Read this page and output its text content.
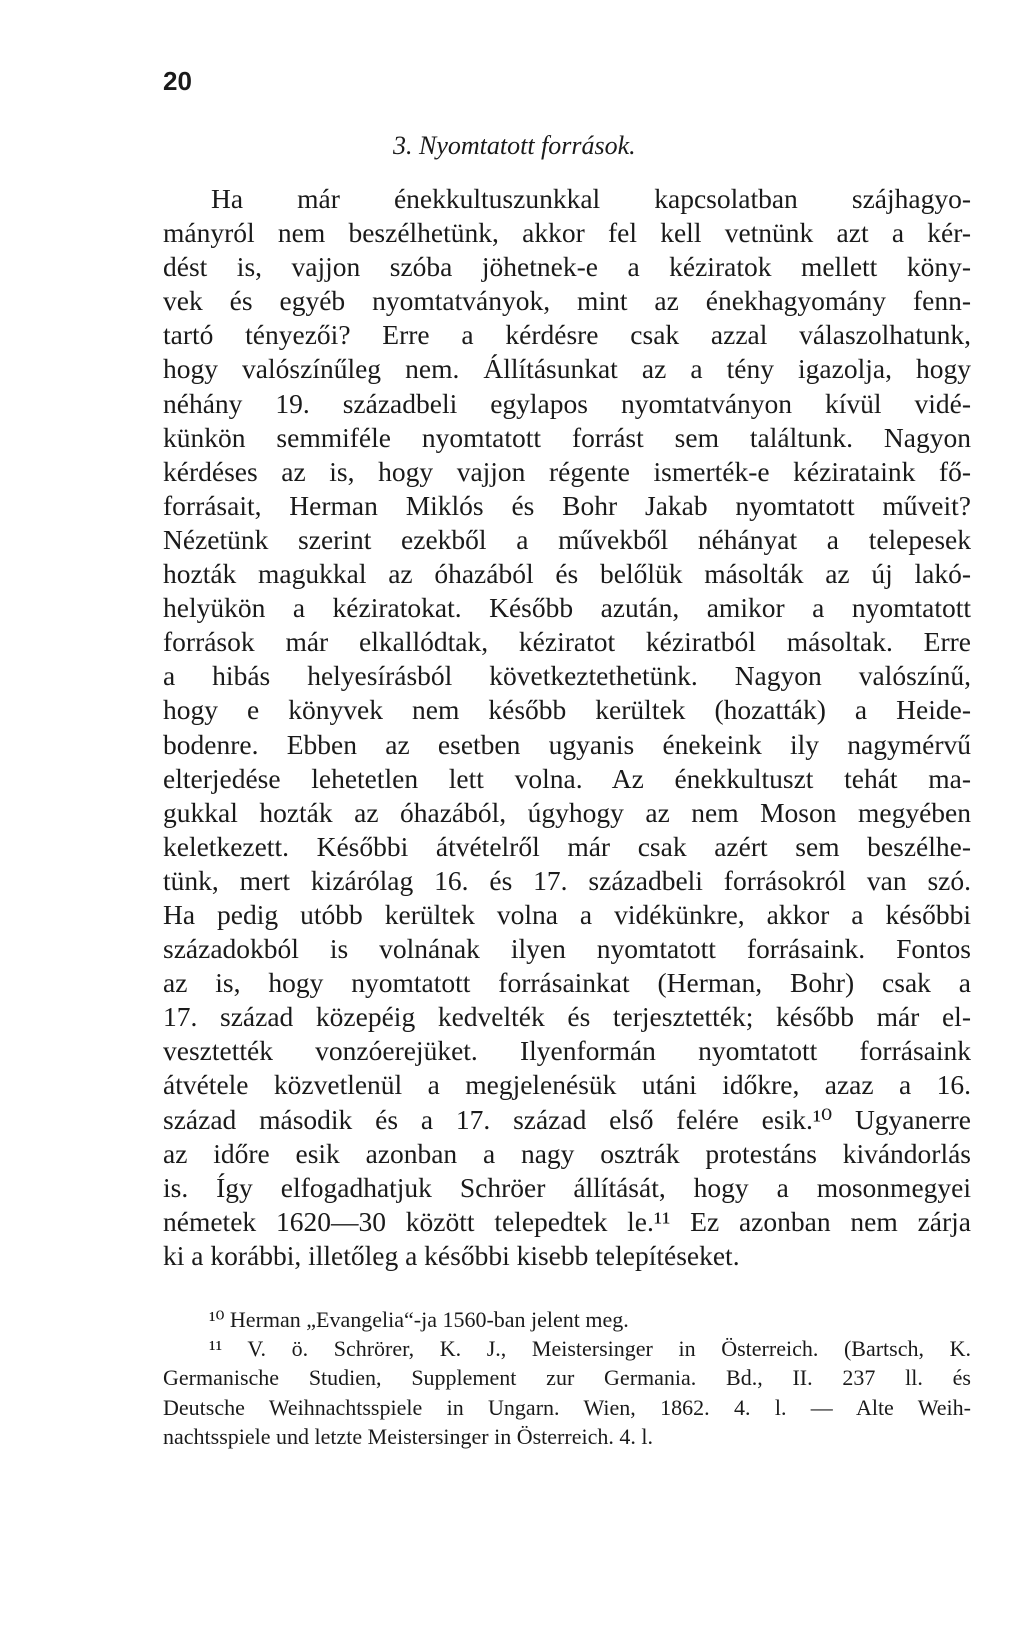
20
3. Nyomtatott források.
Ha már énekkultuszunkkal kapcsolatban szájhagyo-
mányról nem beszélhetünk, akkor fel kell vetnünk azt a kér-
dést is, vajjon szóba jöhetnek-e a kéziratok mellett köny-
vek és egyéb nyomtatványok, mint az énekhagyomány fenn-
tartó tényezői? Erre a kérdésre csak azzal válaszolhatunk,
hogy valószínűleg nem. Állításunkat az a tény igazolja, hogy
néhány 19. századbeli egylapos nyomtatványon kívül vidé-
künkön semmiféle nyomtatott forrást sem találtunk. Nagyon
kérdéses az is, hogy vajjon régente ismerték-e kézirataink fő-
forrásait, Herman Miklós és Bohr Jakab nyomtatott műveit?
Nézetünk szerint ezekből a művekből néhányat a telepesek
hozták magukkal az óhazából és belőlük másolták az új lakó-
helyükön a kéziratokat. Később azután, amikor a nyomtatott
források már elkallódtak, kéziratot kéziratból másoltak. Erre
a hibás helyesírásból következtethetünk. Nagyon valószínű,
hogy e könyvek nem később kerültek (hozatták) a Heide-
bodenre. Ebben az esetben ugyanis énekeink ily nagymérvű
elterjedése lehetetlen lett volna. Az énekkultuszt tehát ma-
gukkal hozták az óhazából, úgyhogy az nem Moson megyében
keletkezett. Későbbi átvételről már csak azért sem beszélhe-
tünk, mert kizárólag 16. és 17. századbeli forrásokról van szó.
Ha pedig utóbb kerültek volna a vidékünkre, akkor a későbbi
századokból is volnának ilyen nyomtatott forrásaink. Fontos
az is, hogy nyomtatott forrásainkat (Herman, Bohr) csak a
17. század közepéig kedvelték és terjesztették; később már el-
vesztették vonzóerejüket. Ilyenformán nyomtatott forrásaink
átvétele közvetlenül a megjelenésük utáni időkre, azaz a 16.
század második és a 17. század első felére esik.¹⁰ Ugyanerre
az időre esik azonban a nagy osztrák protestáns kivándorlás
is. Így elfogadhatjuk Schröer állítását, hogy a mosonmegyei
németek 1620—30 között telepedtek le.¹¹ Ez azonban nem zárja
ki a korábbi, illetőleg a későbbi kisebb telepítéseket.
¹⁰ Herman „Evangelia“-ja 1560-ban jelent meg.
¹¹ V. ö. Schrörer, K. J., Meistersinger in Österreich. (Bartsch, K.
Germanische Studien, Supplement zur Germania. Bd., II. 237 ll. és
Deutsche Weihnachtsspiele in Ungarn. Wien, 1862. 4. l. — Alte Weih-
nachtsspiele und letzte Meistersinger in Österreich. 4. l.
